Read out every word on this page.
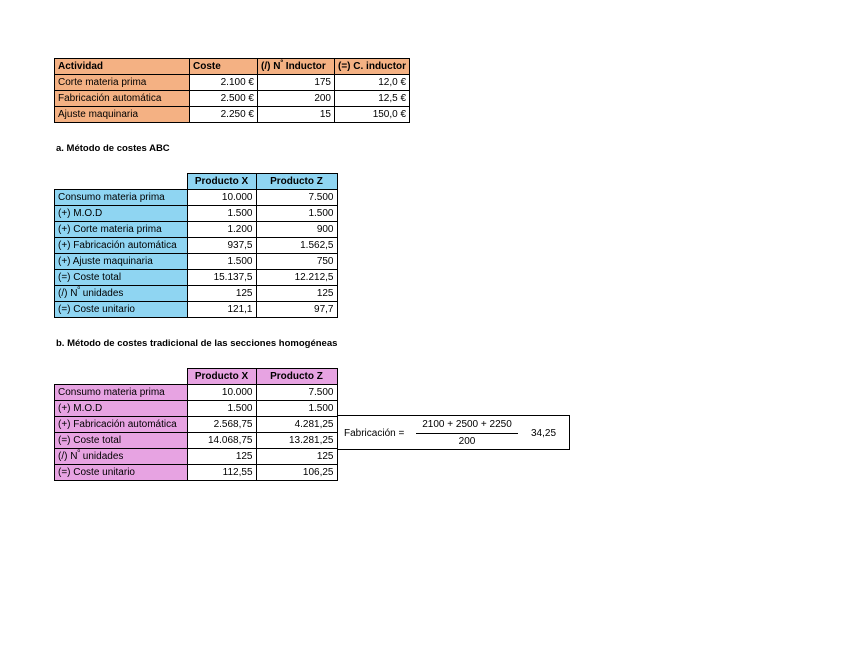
Actividad	Coste	(/) $N^º$ Inductor	(=) C. inductor
Corte materia prima	2.100 €	175	12,0 €
Fabricación automática	2.500 €	200	12,5 €
Ajuste maquinaria	2.250 €	15	150,0 €
a. Método de costes ABC
	Producto X	Producto Z
Consumo materia prima	10.000	7.500
(+) M.O.D	1.500	1.500
(+) Corte materia prima	1.200	900
(+) Fabricación automática	937,5	1.562,5
(+) Ajuste maquinaria	1.500	750
(=) Coste total	15.137,5	12.212,5
(/) $N^º$ unidades	125	125
(=) Coste unitario	121,1	97,7
b. Método de costes tradicional de las secciones homogéneas
	Producto X	Producto Z
Consumo materia prima	10.000	7.500
(+) M.O.D	1.500	1.500
(+) Fabricación automática	2.568,75	4.281,25
(=) Coste total	14.068,75	13.281,25
(/) $N^º$ unidades	125	125
(=) Coste unitario	112,55	106,25
Fabricación =
2100 + 2500 + 2250
200
34,25
